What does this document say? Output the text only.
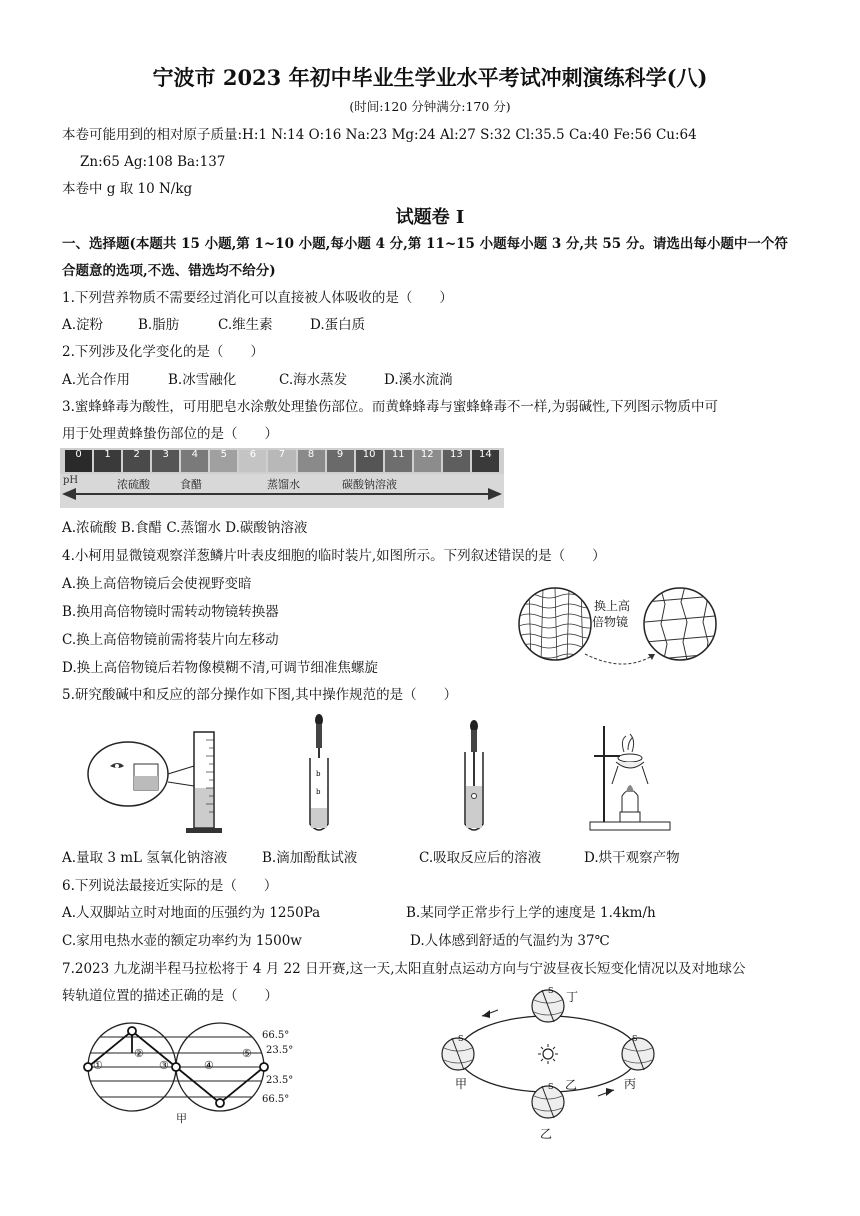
宁波市 2023 年初中毕业生学业水平考试冲刺演练科学(八)
(时间:120 分钟满分:170 分)
本卷可能用到的相对原子质量:H:1 N:14 O:16 Na:23 Mg:24 Al:27 S:32 Cl:35.5 Ca:40 Fe:56 Cu:64
Zn:65 Ag:108 Ba:137
本卷中 g 取 10 N/kg
试题卷 I
一、选择题(本题共 15 小题,第 1~10 小题,每小题 4 分,第 11~15 小题每小题 3 分,共 55 分。请选出每小题中一个符
合题意的选项,不选、错选均不给分)
1.下列营养物质不需要经过消化可以直接被人体吸收的是（　　）
A.淀粉	B.脂肪	C.维生素	D.蛋白质
2.下列涉及化学变化的是（　　）
A.光合作用	B.冰雪融化	C.海水蒸发	D.溪水流淌
3.蜜蜂蜂毒为酸性，可用肥皂水涂敷处理蛰伤部位。而黄蜂蜂毒与蜜蜂蜂毒不一样,为弱碱性,下列图示物质中可
用于处理黄蜂蛰伤部位的是（　　）
0	1	2	3	4	5	6	7	8	9	10	11	12	13	14
pH	浓硫酸	食醋	蒸馏水	碳酸钠溶液
A.浓硫酸 B.食醋 C.蒸馏水 D.碳酸钠溶液
4.小柯用显微镜观察洋葱鳞片叶表皮细胞的临时装片,如图所示。下列叙述错误的是（　　）
A.换上高倍物镜后会使视野变暗
B.换用高倍物镜时需转动物镜转换器
C.换上高倍物镜前需将装片向左移动
D.换上高倍物镜后若物像模糊不清,可调节细准焦螺旋
换上高
倍物镜
5.研究酸碱中和反应的部分操作如下图,其中操作规范的是（　　）
b
b
A.量取 3 mL 氢氧化钠溶液	B.滴加酚酞试液	C.吸取反应后的溶液	D.烘干观察产物
6.下列说法最接近实际的是（　　）
A.人双脚站立时对地面的压强约为 1250Pa	B.某同学正常步行上学的速度是 1.4km/h
C.家用电热水壶的额定功率约为 1500w	D.人体感到舒适的气温约为 37℃
7.2023 九龙湖半程马拉松将于 4 月 22 日开赛,这一天,太阳直射点运动方向与宁波昼夜长短变化情况以及对地球公
转轨道位置的描述正确的是（　　）
①
②
③	④
⑤
66.5°
23.5°
23.5°
66.5°
甲
丁
甲	丙
乙
乙
S
S	S
S
